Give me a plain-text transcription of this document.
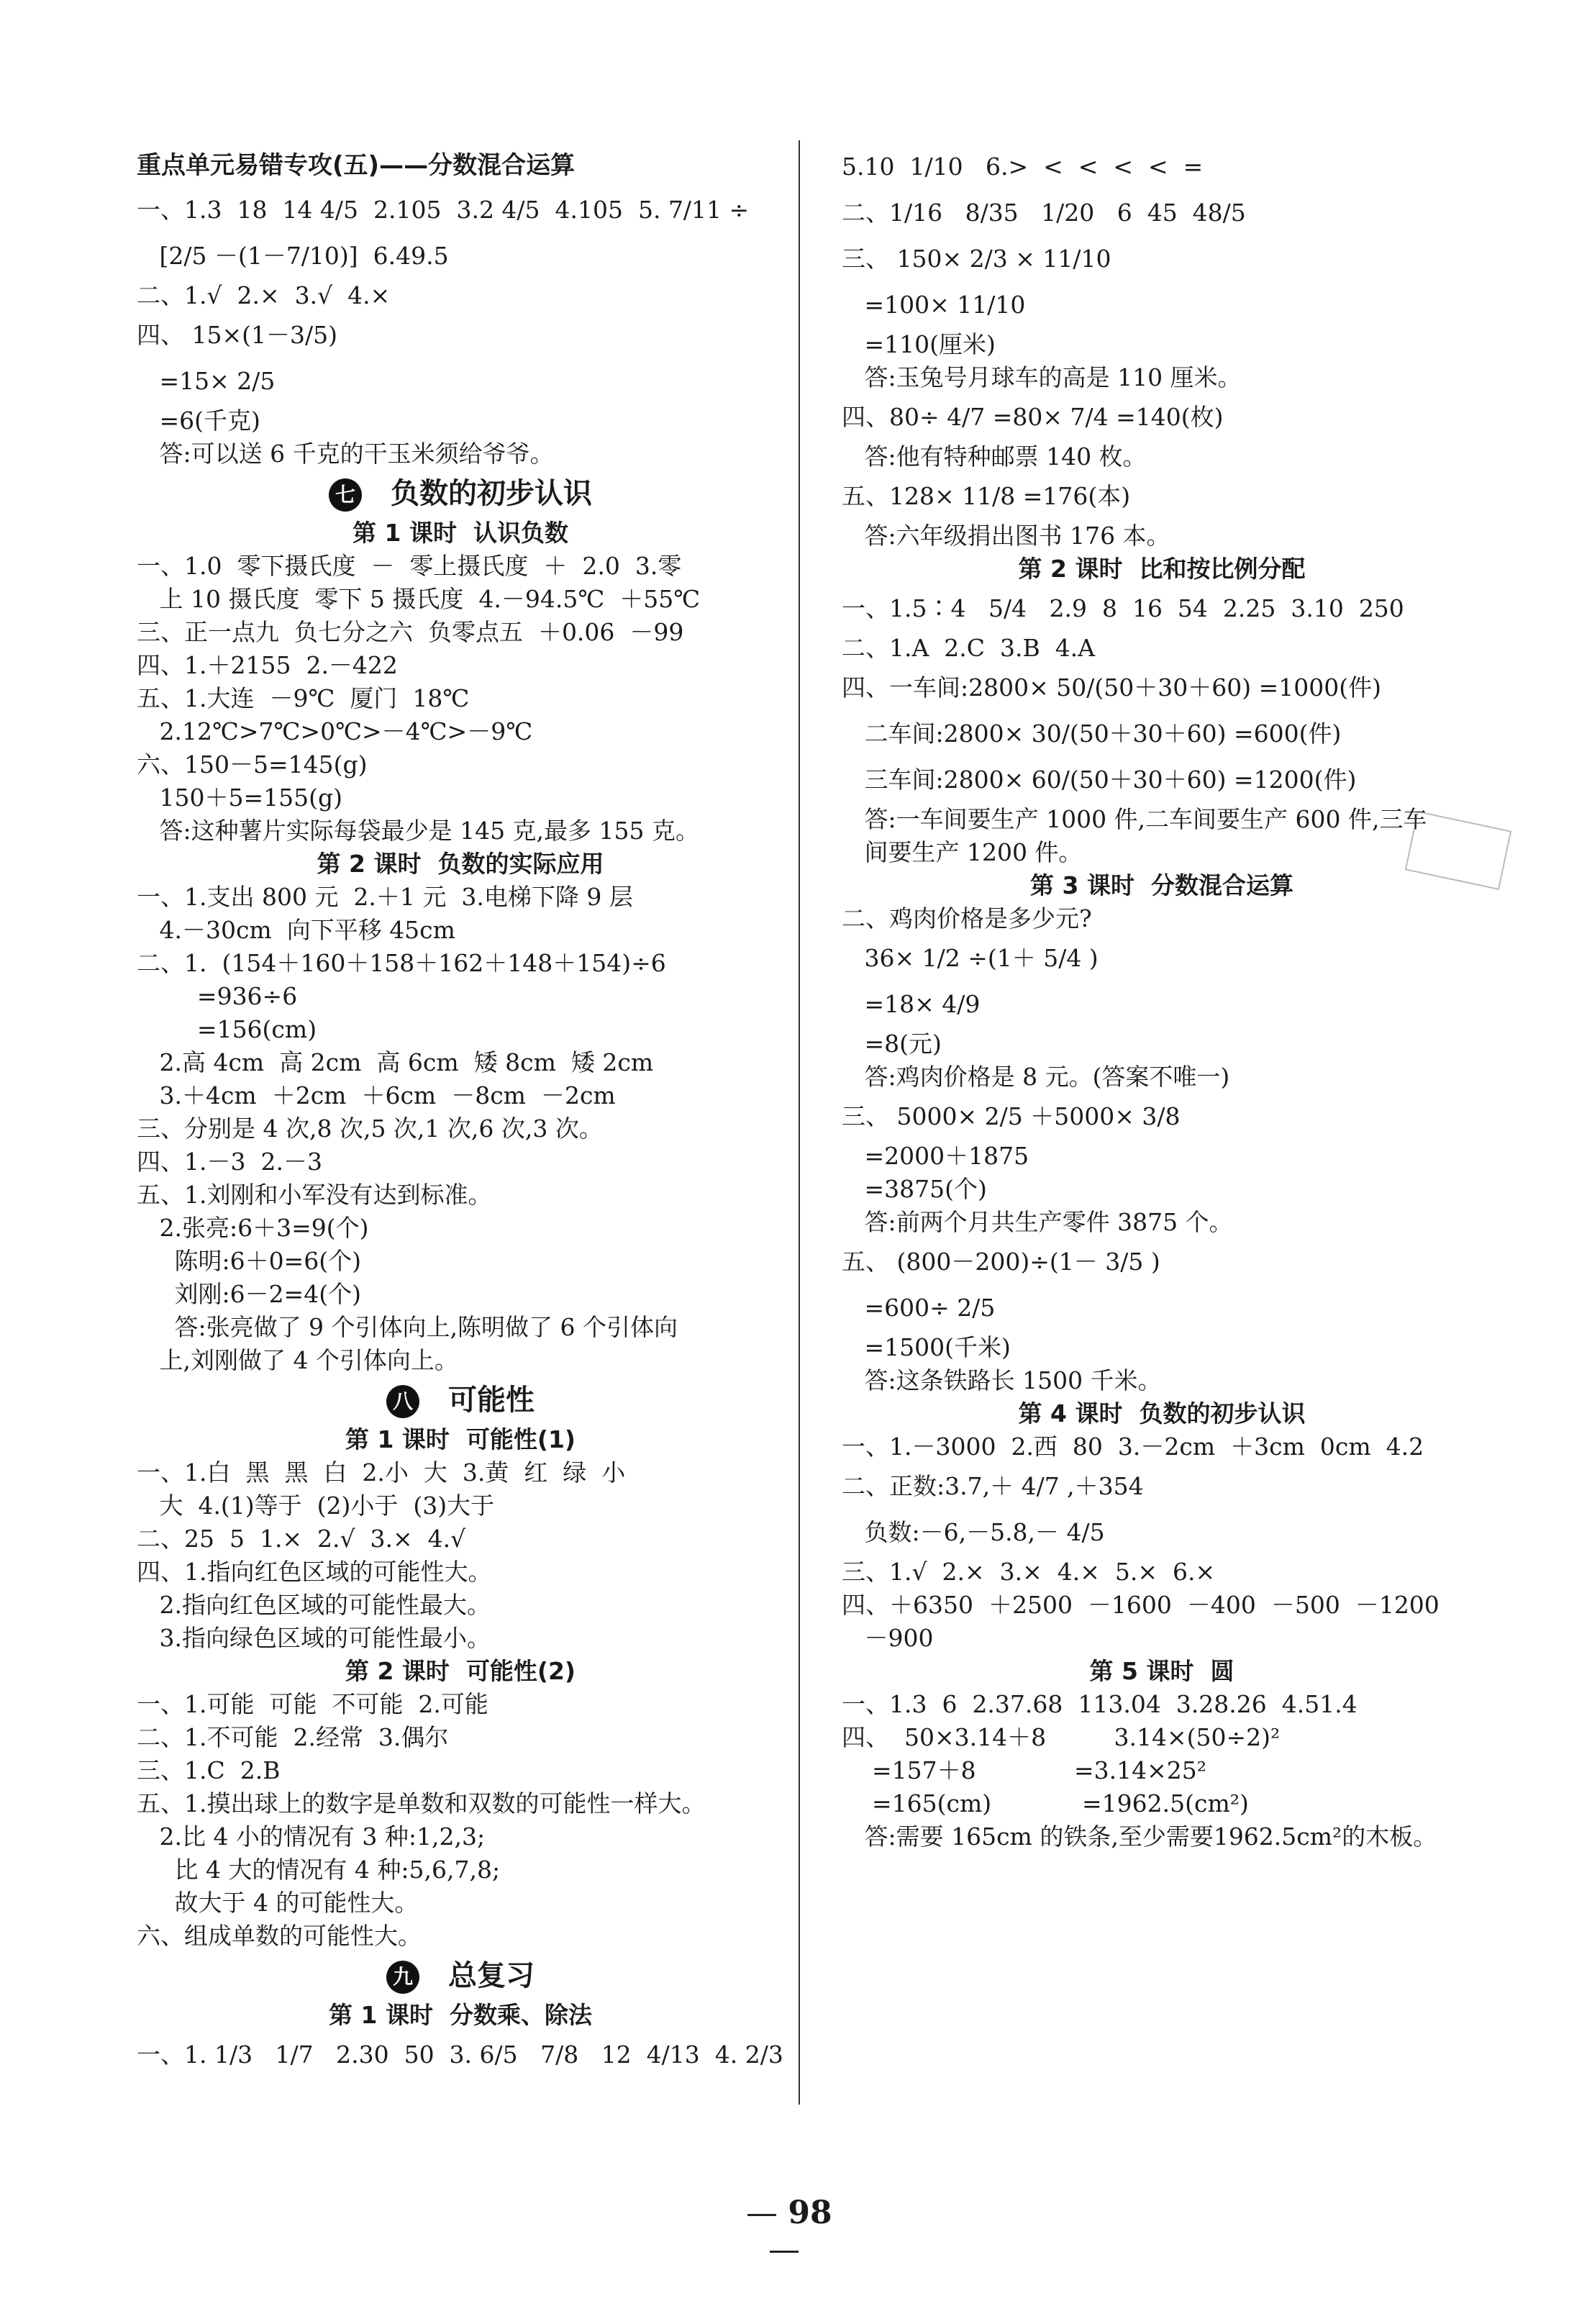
重点单元易错专攻(五)——分数混合运算
一、1.3  18  14 4/5  2.105  3.2 4/5  4.105  5. 7/11 ÷
[2/5 －(1－7/10)]  6.49.5
二、1.√  2.×  3.√  4.×
四、 15×(1－3/5)
=15× 2/5
=6(千克)
答:可以送 6 千克的干玉米须给爷爷。
七 负数的初步认识
第 1 课时  认识负数
一、1.0  零下摄氏度  －  零上摄氏度  ＋  2.0  3.零
上 10 摄氏度  零下 5 摄氏度  4.－94.5℃  ＋55℃
三、正一点九  负七分之六  负零点五  ＋0.06  －99
四、1.＋2155  2.－422
五、1.大连  －9℃  厦门  18℃
2.12℃>7℃>0℃>－4℃>－9℃
六、150－5=145(g)
150＋5=155(g)
答:这种薯片实际每袋最少是 145 克,最多 155 克。
第 2 课时  负数的实际应用
一、1.支出 800 元  2.＋1 元  3.电梯下降 9 层
4.－30cm  向下平移 45cm
二、1.  (154＋160＋158＋162＋148＋154)÷6
=936÷6
=156(cm)
2.高 4cm  高 2cm  高 6cm  矮 8cm  矮 2cm
3.＋4cm  ＋2cm  ＋6cm  －8cm  －2cm
三、分别是 4 次,8 次,5 次,1 次,6 次,3 次。
四、1.－3  2.－3
五、1.刘刚和小军没有达到标准。
2.张亮:6＋3=9(个)
陈明:6＋0=6(个)
刘刚:6－2=4(个)
答:张亮做了 9 个引体向上,陈明做了 6 个引体向
上,刘刚做了 4 个引体向上。
八 可能性
第 1 课时  可能性(1)
一、1.白  黑  黑  白  2.小  大  3.黄  红  绿  小
大  4.(1)等于  (2)小于  (3)大于
二、25  5  1.×  2.√  3.×  4.√
四、1.指向红色区域的可能性大。
2.指向红色区域的可能性最大。
3.指向绿色区域的可能性最小。
第 2 课时  可能性(2)
一、1.可能  可能  不可能  2.可能
二、1.不可能  2.经常  3.偶尔
三、1.C  2.B
五、1.摸出球上的数字是单数和双数的可能性一样大。
2.比 4 小的情况有 3 种:1,2,3;
比 4 大的情况有 4 种:5,6,7,8;
故大于 4 的可能性大。
六、组成单数的可能性大。
九 总复习
第 1 课时  分数乘、除法
一、1. 1/3   1/7   2.30  50  3. 6/5   7/8   12  4/13  4. 2/3
5.10  1/10   6.>  <  <  <  <  =
二、1/16   8/35   1/20   6  45  48/5
三、 150× 2/3 × 11/10
=100× 11/10
=110(厘米)
答:玉兔号月球车的高是 110 厘米。
四、80÷ 4/7 =80× 7/4 =140(枚)
答:他有特种邮票 140 枚。
五、128× 11/8 =176(本)
答:六年级捐出图书 176 本。
第 2 课时  比和按比例分配
一、1.5∶4   5/4   2.9  8  16  54  2.25  3.10  250
二、1.A  2.C  3.B  4.A
四、一车间:2800× 50/(50＋30＋60) =1000(件)
二车间:2800× 30/(50＋30＋60) =600(件)
三车间:2800× 60/(50＋30＋60) =1200(件)
答:一车间要生产 1000 件,二车间要生产 600 件,三车
间要生产 1200 件。
第 3 课时  分数混合运算
二、鸡肉价格是多少元?
36× 1/2 ÷(1＋ 5/4 )
=18× 4/9
=8(元)
答:鸡肉价格是 8 元。(答案不唯一)
三、 5000× 2/5 ＋5000× 3/8
=2000＋1875
=3875(个)
答:前两个月共生产零件 3875 个。
五、 (800－200)÷(1－ 3/5 )
=600÷ 2/5
=1500(千米)
答:这条铁路长 1500 千米。
第 4 课时  负数的初步认识
一、1.－3000  2.西  80  3.－2cm  ＋3cm  0cm  4.2
二、正数:3.7,＋ 4/7 ,＋354
负数:－6,－5.8,－ 4/5
三、1.√  2.×  3.×  4.×  5.×  6.×
四、＋6350  ＋2500  －1600  －400  －500  －1200
－900
第 5 课时  圆
一、1.3  6  2.37.68  113.04  3.28.26  4.51.4
四、  50×3.14＋8         3.14×(50÷2)²
=157＋8             =3.14×25²
=165(cm)            =1962.5(cm²)
答:需要 165cm 的铁条,至少需要1962.5cm²的木板。
98
